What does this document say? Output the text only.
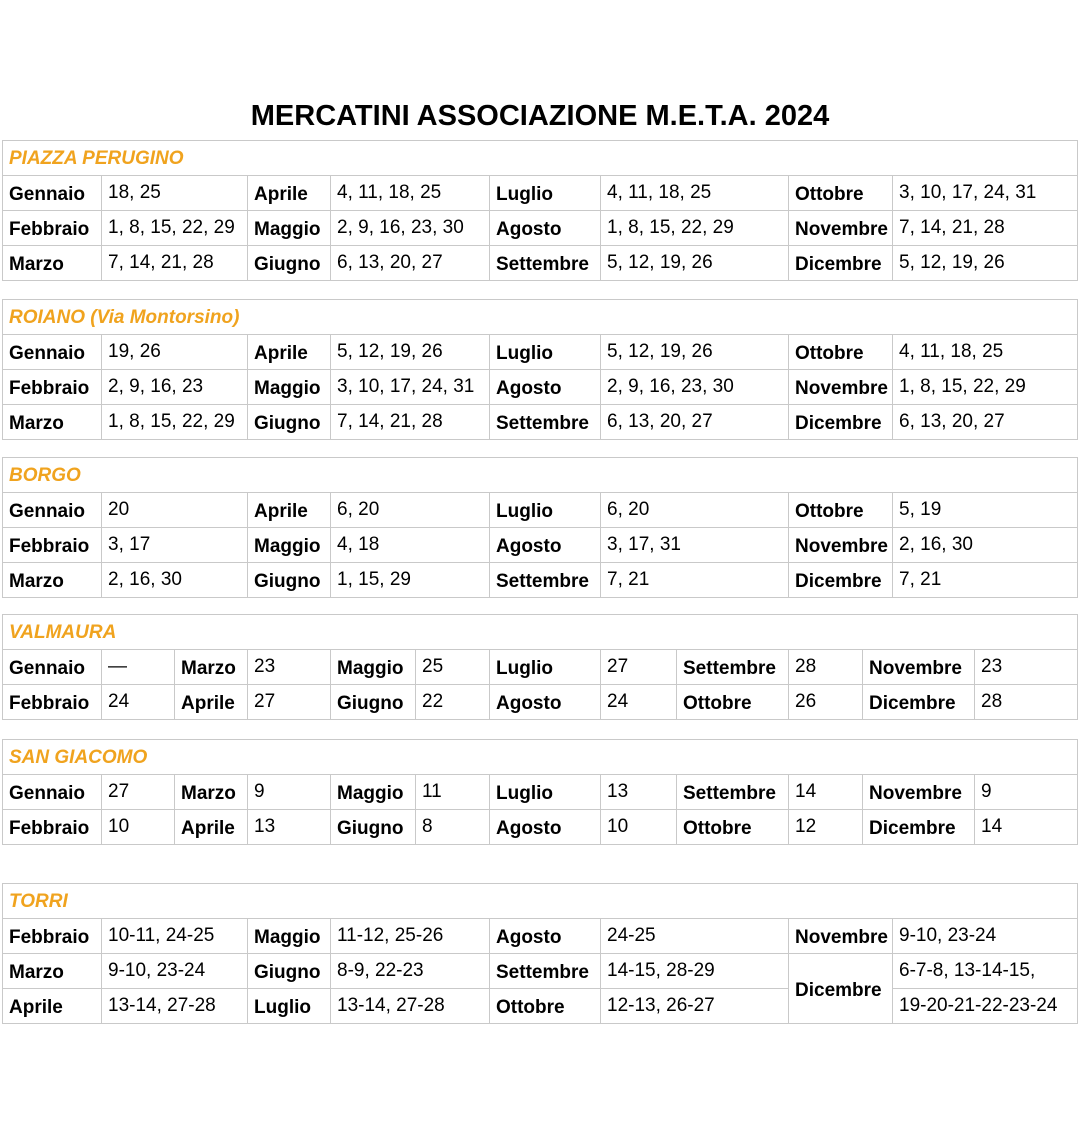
MERCATINI ASSOCIAZIONE M.E.T.A. 2024
PIAZZA PERUGINO							
Gennaio	18, 25	Aprile	4, 11, 18, 25	Luglio	4, 11, 18, 25	Ottobre	3, 10, 17, 24, 31
Febbraio	1, 8, 15, 22, 29	Maggio	2, 9, 16, 23, 30	Agosto	1, 8, 15, 22, 29	Novembre	7, 14, 21, 28
Marzo	7, 14, 21, 28	Giugno	6, 13, 20, 27	Settembre	5, 12, 19, 26	Dicembre	5, 12, 19, 26
ROIANO (Via Montorsino)							
Gennaio	19, 26	Aprile	5, 12, 19, 26	Luglio	5, 12, 19, 26	Ottobre	4, 11, 18, 25
Febbraio	2, 9, 16, 23	Maggio	3, 10, 17, 24, 31	Agosto	2, 9, 16, 23, 30	Novembre	1, 8, 15, 22, 29
Marzo	1, 8, 15, 22, 29	Giugno	7, 14, 21, 28	Settembre	6, 13, 20, 27	Dicembre	6, 13, 20, 27
BORGO							
Gennaio	20	Aprile	6, 20	Luglio	6, 20	Ottobre	5, 19
Febbraio	3, 17	Maggio	4, 18	Agosto	3, 17, 31	Novembre	2, 16, 30
Marzo	2, 16, 30	Giugno	1, 15, 29	Settembre	7, 21	Dicembre	7, 21
VALMAURA											
Gennaio	—	Marzo	23	Maggio	25	Luglio	27	Settembre	28	Novembre	23
Febbraio	24	Aprile	27	Giugno	22	Agosto	24	Ottobre	26	Dicembre	28
SAN GIACOMO											
Gennaio	27	Marzo	9	Maggio	11	Luglio	13	Settembre	14	Novembre	9
Febbraio	10	Aprile	13	Giugno	8	Agosto	10	Ottobre	12	Dicembre	14
TORRI							
Febbraio	10-11, 24-25	Maggio	11-12, 25-26	Agosto	24-25	Novembre	9-10, 23-24
Marzo	9-10, 23-24	Giugno	8-9, 22-23	Settembre	14-15, 28-29	Dicembre	6-7-8, 13-14-15,
Aprile	13-14, 27-28	Luglio	13-14, 27-28	Ottobre	12-13, 26-27		19-20-21-22-23-24
